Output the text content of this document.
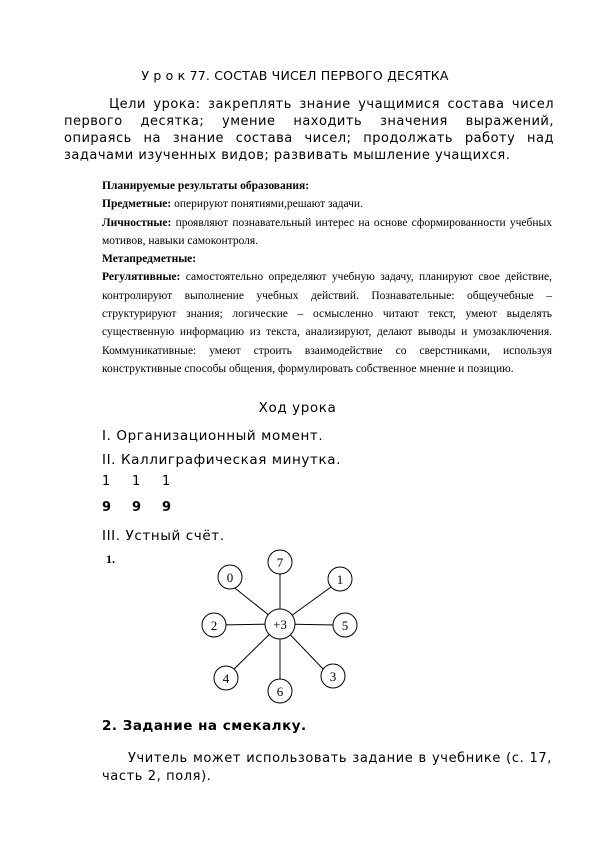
У р о к 77. СОСТАВ ЧИСЕЛ ПЕРВОГО ДЕСЯТКА
Цели урока: закреплять знание учащимися состава чисел первого десятка; умение находить значения выражений, опираясь на знание состава чисел; продолжать работу над задачами изученных видов; развивать мышление учащихся.

Планируемые результаты образования:

Предметные: оперируют понятиями,решают задачи.

Личностные: проявляют познавательный интерес на основе сформированности учебных мотивов, навыки самоконтроля.

Метапредметные:

Регулятивные: самостоятельно определяют учебную задачу, планируют свое действие, контролируют выполнение учебных действий. Познавательные: общеучебные – структурируют знания; логические – осмысленно читают текст, умеют выделять существенную информацию из текста, анализируют, делают выводы и умозаключения. Коммуникативные: умеют строить взаимодействие со сверстниками, используя конструктивные способы общения, формулировать собственное мнение и позицию.

Ход урока
I. Организационный момент.
II. Каллиграфическая минутка.
1 1 1
9 9 9
III. Устный счёт.
1.
+3
7
1
5
3
6
4
2
0
2. Задание на смекалку.
Учитель может использовать задание в учебнике (с. 17, часть 2, поля).
